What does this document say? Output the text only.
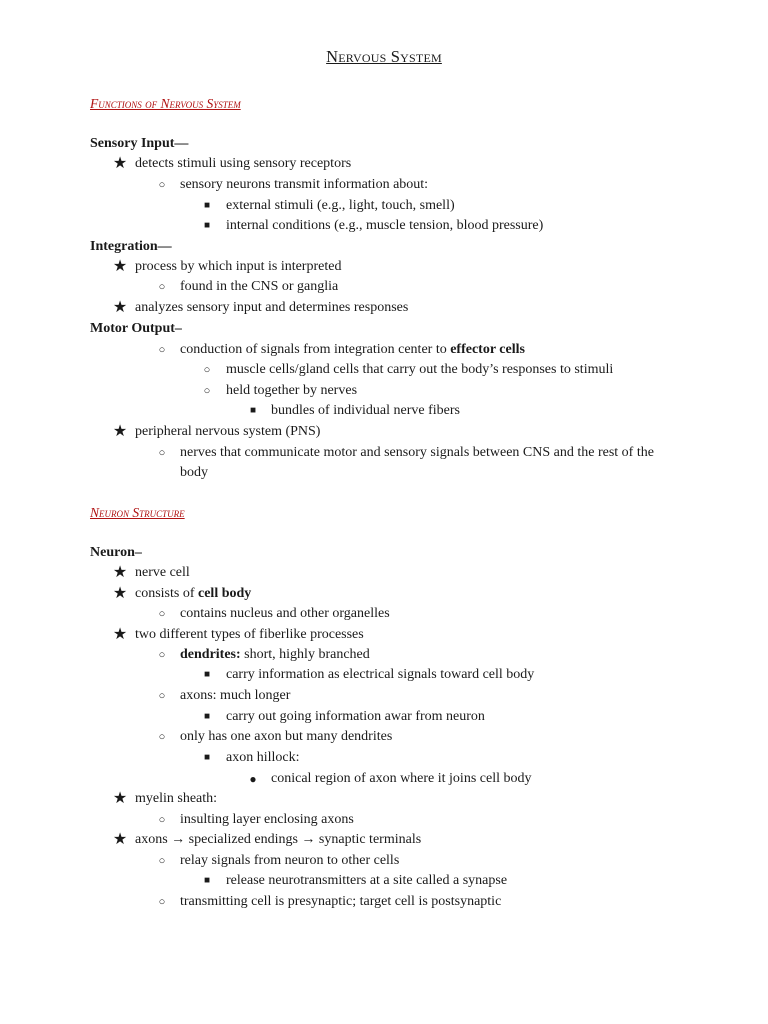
Nervous System
Functions of Nervous System
Sensory Input—
★ detects stimuli using sensory receptors
○	sensory neurons transmit information about:
■	external stimuli (e.g., light, touch, smell)
■	internal conditions (e.g., muscle tension, blood pressure)
Integration—
★ process by which input is interpreted
○	found in the CNS or ganglia
★ analyzes sensory input and determines responses
Motor Output–
○	conduction of signals from integration center to effector cells
○	muscle cells/gland cells that carry out the body’s responses to stimuli
○	held together by nerves
■	bundles of individual nerve fibers
★ peripheral nervous system (PNS)
○	nerves that communicate motor and sensory signals between CNS and the rest of the body
Neuron Structure
Neuron–
★ nerve cell
★ consists of cell body
○	contains nucleus and other organelles
★ two different types of fiberlike processes
○	dendrites: short, highly branched
■	carry information as electrical signals toward cell body
○	axons: much longer
■	carry out going information awar from neuron
○	only has one axon but many dendrites
■	axon hillock:
●	conical region of axon where it joins cell body
★ myelin sheath:
○	insulting layer enclosing axons
★ axons → specialized endings → synaptic terminals
○	relay signals from neuron to other cells
■	release neurotransmitters at a site called a synapse
○	transmitting cell is presynaptic; target cell is postsynaptic
